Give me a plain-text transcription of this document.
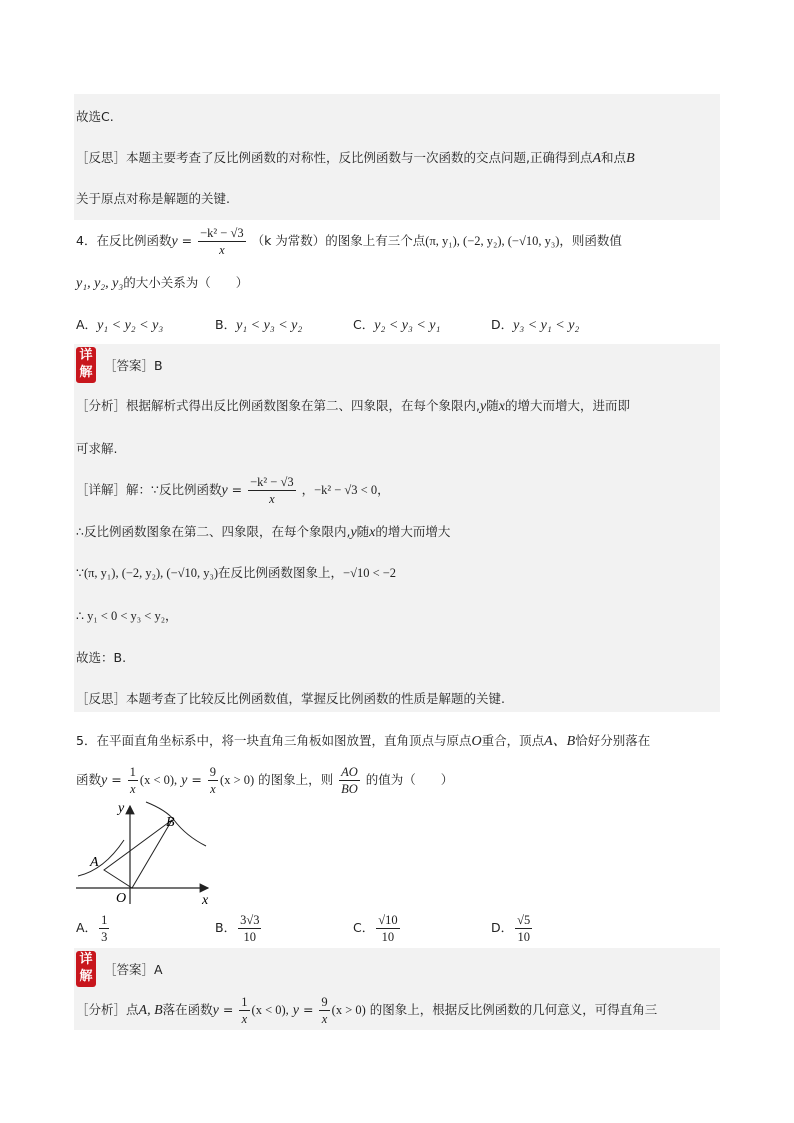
故选C.
［反思］本题主要考查了反比例函数的对称性，反比例函数与一次函数的交点问题,正确得到点A和点B
关于原点对称是解题的关键.
4．在反比例函数$y = \frac{\text{−k² − √3}}{x} (k$ 为常数）的图象上有三个点(π, y₁), (−2, y₂), (−√10, y₃)，则函数值
y₁, y₂, y₃的大小关系为（　　）
A．y₁ < y₂ < y₃	B．y₁ < y₃ < y₂	C．y₂ < y₃ < y₁	D．y₃ < y₁ < y₂
详
解 ［答案］B
［分析］根据解析式得出反比例函数图象在第二、四象限，在每个象限内,y随x的增大而增大，进而即
可求解.
［详解］解：∵反比例函数$y = \frac{\text{−k² − √3}}{x}$ ，−k² − √3 < 0，
∴反比例函数图象在第二、四象限，在每个象限内,y随x的增大而增大
∵(π, y₁), (−2, y₂), (−√10, y₃)在反比例函数图象上，−√10 < −2
∴ y₁ < 0 < y₃ < y₂，
故选：B.
［反思］本题考查了比较反比例函数值，掌握反比例函数的性质是解题的关键.
5．在平面直角坐标系中，将一块直角三角板如图放置，直角顶点与原点O重合，顶点A、B恰好分别落在
函数$y = \frac{1}{x} (x < 0)$, $y = \frac{9}{x} (x > 0)$ 的图象上，则 $\frac{AO}{BO}$ 的值为（　　）
y
x
O
A
B
A． $\frac{1}{3}$	B． $\frac{3√3}{10}$	C． $\frac{√10}{10}$	D． $\frac{√5}{10}$
详
解 ［答案］A
［分析］点A, B落在函数$y = \frac{1}{x} (x < 0)$, $y = \frac{9}{x} (x > 0)$ 的图象上，根据反比例函数的几何意义，可得直角三
